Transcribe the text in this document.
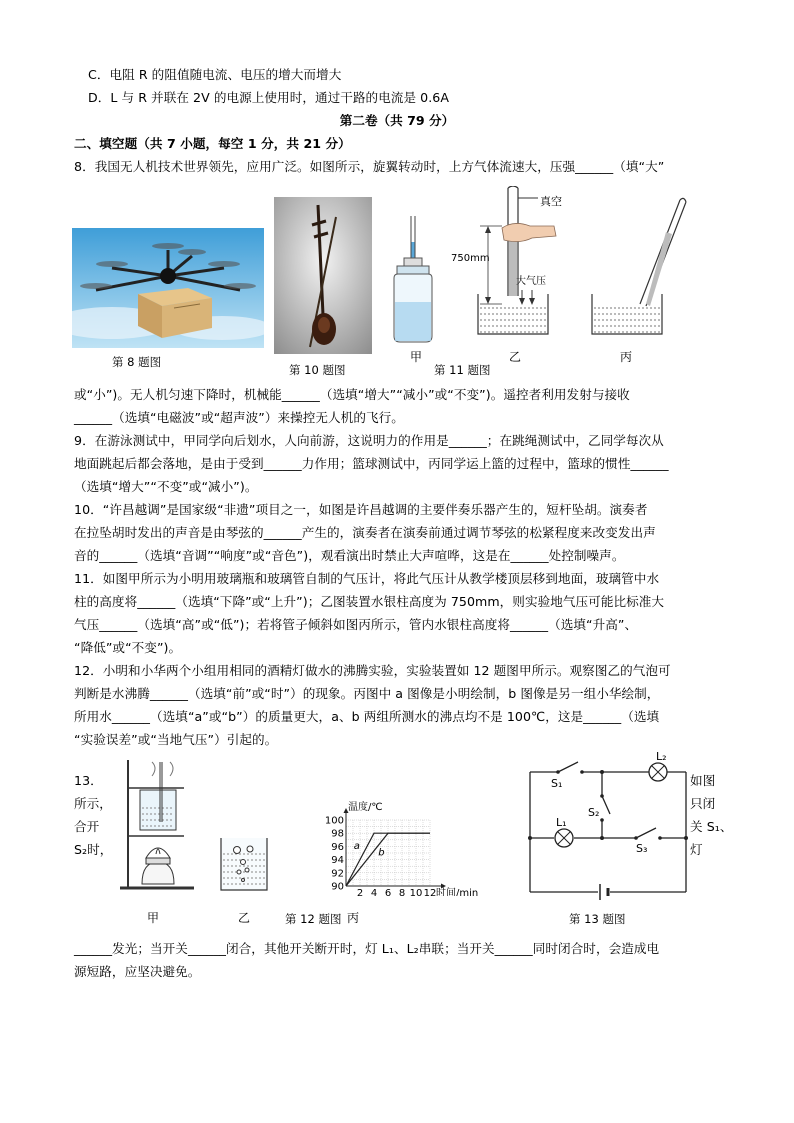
C．电阻 R 的阻值随电流、电压的增大而增大
D．L 与 R 并联在 2V 的电源上使用时，通过干路的电流是 0.6A
第二卷（共 79 分）
二、填空题（共 7 小题，每空 1 分，共 21 分）
8．我国无人机技术世界领先，应用广泛。如图所示，旋翼转动时，上方气体流速大，压强______（填“大”
第 8 题图
第 10 题图
真空
750mm
大气压
甲
第 11 题图
乙	丙
或“小”)。无人机匀速下降时，机械能______（选填“增大”“减小”或“不变”)。遥控者利用发射与接收
______（选填“电磁波”或“超声波”）来操控无人机的飞行。
9．在游泳测试中，甲同学向后划水，人向前游，这说明力的作用是______；在跳绳测试中，乙同学每次从
地面跳起后都会落地，是由于受到______力作用；篮球测试中，丙同学运上篮的过程中，篮球的惯性______
（选填“增大”“不变”或“减小”)。
10．“许昌越调”是国家级“非遗”项目之一，如图是许昌越调的主要伴奏乐器产生的，短杆坠胡。演奏者
在拉坠胡时发出的声音是由琴弦的______产生的，演奏者在演奏前通过调节琴弦的松紧程度来改变发出声
音的______（选填“音调”“响度”或“音色”)，观看演出时禁止大声喧哗，这是在______处控制噪声。
11．如图甲所示为小明用玻璃瓶和玻璃管自制的气压计，将此气压计从教学楼顶层移到地面，玻璃管中水
柱的高度将______（选填“下降”或“上升”)；乙图装置水银柱高度为 750mm，则实验地气压可能比标准大
气压______（选填“高”或“低”)；若将管子倾斜如图丙所示，管内水银柱高度将______（选填“升高”、
“降低”或“不变”)。
12．小明和小华两个小组用相同的酒精灯做水的沸腾实验，实验装置如 12 题图甲所示。观察图乙的气泡可
判断是水沸腾______（选填“前”或“时”）的现象。丙图中 a 图像是小明绘制，b 图像是另一组小华绘制，
所用水______（选填“a”或“b”）的质量更大，a、b 两组所测水的沸点均不是 100℃，这是______（选填
“实验误差”或“当地气压”）引起的。
13．
所示，
合开
S₂时，
甲	乙	第 12 题图
100
98
96
94
92
90
2 4 6 8 10 12
温度/℃
时间/min
a
b
丙
L₂
S₁
S₂
L₁
S₃
第 13 题图
如图
只闭
关 S₁、
灯
______发光；当开关______闭合，其他开关断开时，灯 L₁、L₂串联；当开关______同时闭合时，会造成电
源短路，应坚决避免。
